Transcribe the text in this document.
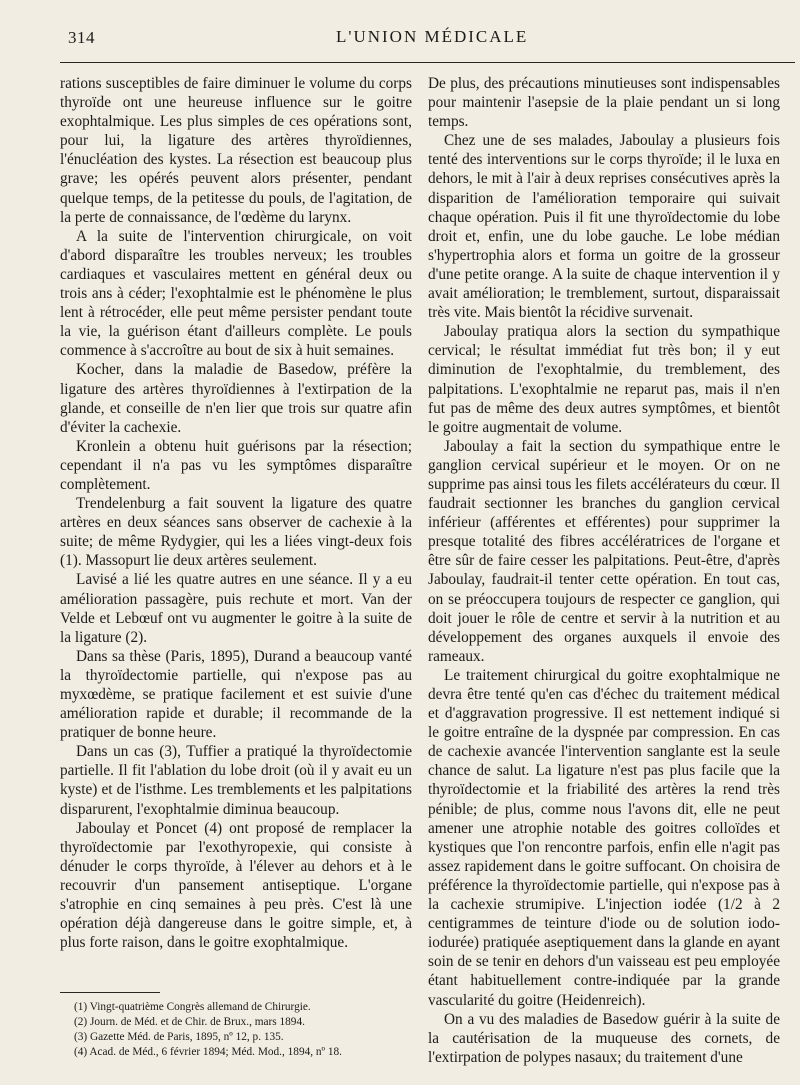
314	L'UNION MÉDICALE

rations susceptibles de faire diminuer le volume du corps thyroïde ont une heureuse influence sur le goitre exophtalmique. Les plus simples de ces opérations sont, pour lui, la ligature des artères thyroïdiennes, l'énucléation des kystes. La résection est beaucoup plus grave; les opérés peuvent alors présenter, pendant quelque temps, de la petitesse du pouls, de l'agitation, de la perte de connaissance, de l'œdème du larynx.

A la suite de l'intervention chirurgicale, on voit d'abord disparaître les troubles nerveux; les troubles cardiaques et vasculaires mettent en général deux ou trois ans à céder; l'exophtalmie est le phénomène le plus lent à rétrocéder, elle peut même persister pendant toute la vie, la guérison étant d'ailleurs complète. Le pouls commence à s'accroître au bout de six à huit semaines.

Kocher, dans la maladie de Basedow, préfère la ligature des artères thyroïdiennes à l'extirpation de la glande, et conseille de n'en lier que trois sur quatre afin d'éviter la cachexie.

Kronlein a obtenu huit guérisons par la résection; cependant il n'a pas vu les symptômes disparaître complètement.

Trendelenburg a fait souvent la ligature des quatre artères en deux séances sans observer de cachexie à la suite; de même Rydygier, qui les a liées vingt-deux fois (1). Massopurt lie deux artères seulement.

Lavisé a lié les quatre autres en une séance. Il y a eu amélioration passagère, puis rechute et mort. Van der Velde et Lebœuf ont vu augmenter le goitre à la suite de la ligature (2).

Dans sa thèse (Paris, 1895), Durand a beaucoup vanté la thyroïdectomie partielle, qui n'expose pas au myxœdème, se pratique facilement et est suivie d'une amélioration rapide et durable; il recommande de la pratiquer de bonne heure.

Dans un cas (3), Tuffier a pratiqué la thyroïdectomie partielle. Il fit l'ablation du lobe droit (où il y avait eu un kyste) et de l'isthme. Les tremblements et les palpitations disparurent, l'exophtalmie diminua beaucoup.

Jaboulay et Poncet (4) ont proposé de remplacer la thyroïdectomie par l'exothyropexie, qui consiste à dénuder le corps thyroïde, à l'élever au dehors et à le recouvrir d'un pansement antiseptique. L'organe s'atrophie en cinq semaines à peu près. C'est là une opération déjà dangereuse dans le goitre simple, et, à plus forte raison, dans le goitre exophtalmique.

De plus, des précautions minutieuses sont indispensables pour maintenir l'asepsie de la plaie pendant un si long temps.

Chez une de ses malades, Jaboulay a plusieurs fois tenté des interventions sur le corps thyroïde; il le luxa en dehors, le mit à l'air à deux reprises consécutives après la disparition de l'amélioration temporaire qui suivait chaque opération. Puis il fit une thyroïdectomie du lobe droit et, enfin, une du lobe gauche. Le lobe médian s'hypertrophia alors et forma un goitre de la grosseur d'une petite orange. A la suite de chaque intervention il y avait amélioration; le tremblement, surtout, disparaissait très vite. Mais bientôt la récidive survenait.

Jaboulay pratiqua alors la section du sympathique cervical; le résultat immédiat fut très bon; il y eut diminution de l'exophtalmie, du tremblement, des palpitations. L'exophtalmie ne reparut pas, mais il n'en fut pas de même des deux autres symptômes, et bientôt le goitre augmentait de volume.

Jaboulay a fait la section du sympathique entre le ganglion cervical supérieur et le moyen. Or on ne supprime pas ainsi tous les filets accélérateurs du cœur. Il faudrait sectionner les branches du ganglion cervical inférieur (afférentes et efférentes) pour supprimer la presque totalité des fibres accélératrices de l'organe et être sûr de faire cesser les palpitations. Peut-être, d'après Jaboulay, faudrait-il tenter cette opération. En tout cas, on se préoccupera toujours de respecter ce ganglion, qui doit jouer le rôle de centre et servir à la nutrition et au développement des organes auxquels il envoie des rameaux.

Le traitement chirurgical du goitre exophtalmique ne devra être tenté qu'en cas d'échec du traitement médical et d'aggravation progressive. Il est nettement indiqué si le goitre entraîne de la dyspnée par compression. En cas de cachexie avancée l'intervention sanglante est la seule chance de salut. La ligature n'est pas plus facile que la thyroïdectomie et la friabilité des artères la rend très pénible; de plus, comme nous l'avons dit, elle ne peut amener une atrophie notable des goitres colloïdes et kystiques que l'on rencontre parfois, enfin elle n'agit pas assez rapidement dans le goitre suffocant. On choisira de préférence la thyroïdectomie partielle, qui n'expose pas à la cachexie strumipive. L'injection iodée (1/2 à 2 centigrammes de teinture d'iode ou de solution iodo-iodurée) pratiquée aseptiquement dans la glande en ayant soin de se tenir en dehors d'un vaisseau est peu employée étant habituellement contre-indiquée par la grande vascularité du goitre (Heidenreich).

On a vu des maladies de Basedow guérir à la suite de la cautérisation de la muqueuse des cornets, de l'extirpation de polypes nasaux; du traitement d'une

(1) Vingt-quatrième Congrès allemand de Chirurgie.
(2) Journ. de Méd. et de Chir. de Brux., mars 1894.
(3) Gazette Méd. de Paris, 1895, nº 12, p. 135.
(4) Acad. de Méd., 6 février 1894; Méd. Mod., 1894, nº 18.
